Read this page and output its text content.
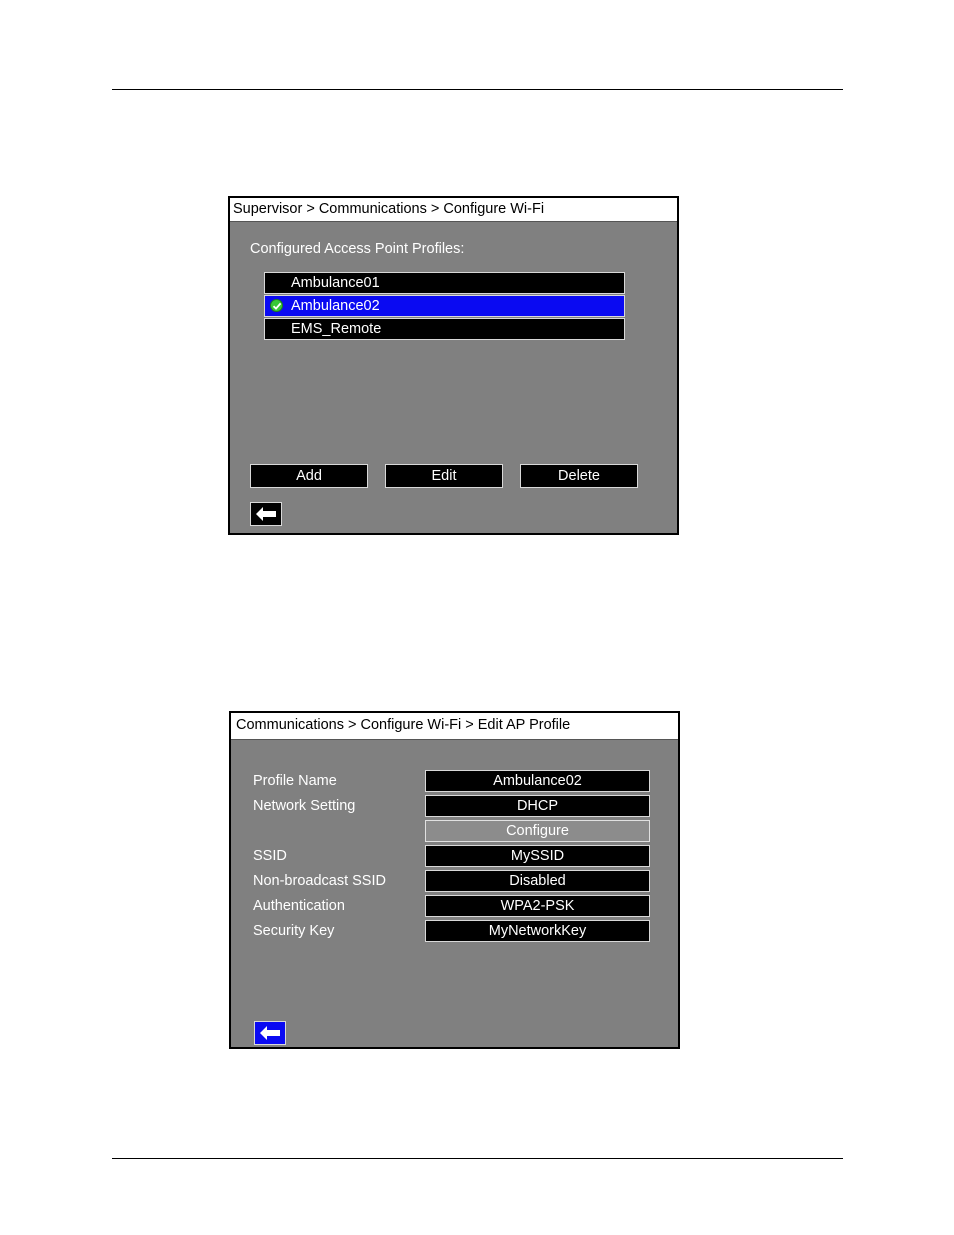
Supervisor > Communications > Configure Wi-Fi
Configured Access Point Profiles:
Ambulance01
Ambulance02
EMS_Remote
Add	Edit	Delete
Communications > Configure Wi-Fi > Edit AP Profile
Profile Name	Ambulance02
Network Setting	DHCP
Configure
SSID	MySSID
Non-broadcast SSID	Disabled
Authentication	WPA2-PSK
Security Key	MyNetworkKey
